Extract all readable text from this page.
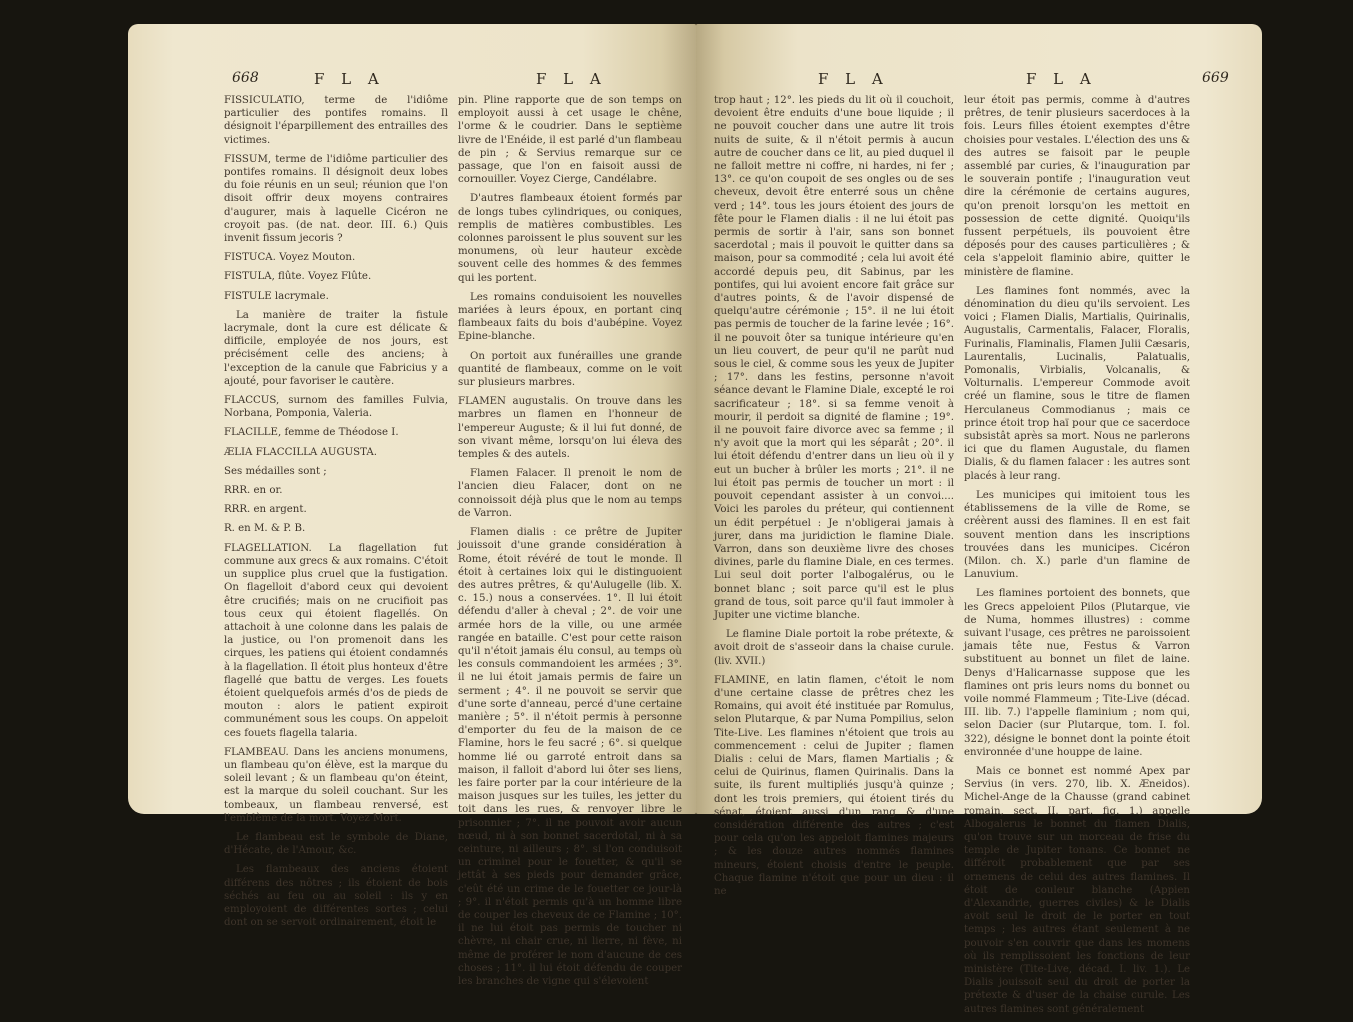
668	F L A	F L A

FISSICULATIO, terme de l'idiôme particulier des pontifes romains. Il désignoit l'éparpillement des entrailles des victimes.

FISSUM, terme de l'idiôme particulier des pontifes romains. Il désignoit deux lobes du foie réunis en un seul; réunion que l'on disoit offrir deux moyens contraires d'augurer, mais à laquelle Cicéron ne croyoit pas. (de nat. deor. III. 6.) Quis invenit fissum jecoris ?

FISTUCA. Voyez Mouton.

FISTULA, flûte. Voyez Flûte.

FISTULE lacrymale.

La manière de traiter la fistule lacrymale, dont la cure est délicate & difficile, employée de nos jours, est précisément celle des anciens; à l'exception de la canule que Fabricius y a ajouté, pour favoriser le cautère.

FLACCUS, surnom des familles Fulvia, Norbana, Pomponia, Valeria.

FLACILLE, femme de Théodose I.

ÆLIA FLACCILLA AUGUSTA.

Ses médailles sont ;

RRR. en or.

RRR. en argent.

R. en M. & P. B.

FLAGELLATION. La flagellation fut commune aux grecs & aux romains. C'étoit un supplice plus cruel que la fustigation. On flagelloit d'abord ceux qui devoient être crucifiés; mais on ne crucifioit pas tous ceux qui étoient flagellés. On attachoit à une colonne dans les palais de la justice, ou l'on promenoit dans les cirques, les patiens qui étoient condamnés à la flagellation. Il étoit plus honteux d'être flagellé que battu de verges. Les fouets étoient quelquefois armés d'os de pieds de mouton : alors le patient expiroit communément sous les coups. On appeloit ces fouets flagella talaria.

FLAMBEAU. Dans les anciens monumens, un flambeau qu'on élève, est la marque du soleil levant ; & un flambeau qu'on éteint, est la marque du soleil couchant. Sur les tombeaux, un flambeau renversé, est l'emblème de la mort. Voyez Mort.

Le flambeau est le symbole de Diane, d'Hécate, de l'Amour, &c.

Les flambeaux des anciens étoient différens des nôtres ; ils étoient de bois séchés au feu ou au soleil : ils y en employoient de différentes sortes ; celui dont on se servoit ordinairement, étoit le

pin. Pline rapporte que de son temps on employoit aussi à cet usage le chêne, l'orme & le coudrier. Dans le septième livre de l'Enéide, il est parlé d'un flambeau de pin ; & Servius remarque sur ce passage, que l'on en faisoit aussi de cornouiller. Voyez Cierge, Candélabre.

D'autres flambeaux étoient formés par de longs tubes cylindriques, ou coniques, remplis de matières combustibles. Les colonnes paroissent le plus souvent sur les monumens, où leur hauteur excède souvent celle des hommes & des femmes qui les portent.

Les romains conduisoient les nouvelles mariées à leurs époux, en portant cinq flambeaux faits du bois d'aubépine. Voyez Epine-blanche.

On portoit aux funérailles une grande quantité de flambeaux, comme on le voit sur plusieurs marbres.

FLAMEN augustalis. On trouve dans les marbres un flamen en l'honneur de l'empereur Auguste; & il lui fut donné, de son vivant même, lorsqu'on lui éleva des temples & des autels.

Flamen Falacer. Il prenoit le nom de l'ancien dieu Falacer, dont on ne connoissoit déjà plus que le nom au temps de Varron.

Flamen dialis : ce prêtre de Jupiter jouissoit d'une grande considération à Rome, étoit révéré de tout le monde. Il étoit à certaines loix qui le distinguoient des autres prêtres, & qu'Aulugelle (lib. X. c. 15.) nous a conservées. 1°. Il lui étoit défendu d'aller à cheval ; 2°. de voir une armée hors de la ville, ou une armée rangée en bataille. C'est pour cette raison qu'il n'étoit jamais élu consul, au temps où les consuls commandoient les armées ; 3°. il ne lui étoit jamais permis de faire un serment ; 4°. il ne pouvoit se servir que d'une sorte d'anneau, percé d'une certaine manière ; 5°. il n'étoit permis à personne d'emporter du feu de la maison de ce Flamine, hors le feu sacré ; 6°. si quelque homme lié ou garroté entroit dans sa maison, il falloit d'abord lui ôter ses liens, les faire porter par la cour intérieure de la maison jusques sur les tuiles, les jetter du toit dans les rues, & renvoyer libre le prisonnier ; 7°. il ne pouvoit avoir aucun nœud, ni à son bonnet sacerdotal, ni à sa ceinture, ni ailleurs ; 8°. si l'on conduisoit un criminel pour le fouetter, & qu'il se jettât à ses pieds pour demander grâce, c'eût été un crime de le fouetter ce jour-là ; 9°. il n'étoit permis qu'à un homme libre de couper les cheveux de ce Flamine ; 10°. il ne lui étoit pas permis de toucher ni chèvre, ni chair crue, ni lierre, ni fève, ni même de proférer le nom d'aucune de ces choses ; 11°. il lui étoit défendu de couper les branches de vigne qui s'élevoient

F L A	F L A	669

trop haut ; 12°. les pieds du lit où il couchoit, devoient être enduits d'une boue liquide ; il ne pouvoit coucher dans une autre lit trois nuits de suite, & il n'étoit permis à aucun autre de coucher dans ce lit, au pied duquel il ne falloit mettre ni coffre, ni hardes, ni fer ; 13°. ce qu'on coupoit de ses ongles ou de ses cheveux, devoit être enterré sous un chêne verd ; 14°. tous les jours étoient des jours de fête pour le Flamen dialis : il ne lui étoit pas permis de sortir à l'air, sans son bonnet sacerdotal ; mais il pouvoit le quitter dans sa maison, pour sa commodité ; cela lui avoit été accordé depuis peu, dit Sabinus, par les pontifes, qui lui avoient encore fait grâce sur d'autres points, & de l'avoir dispensé de quelqu'autre cérémonie ; 15°. il ne lui étoit pas permis de toucher de la farine levée ; 16°. il ne pouvoit ôter sa tunique intérieure qu'en un lieu couvert, de peur qu'il ne parût nud sous le ciel, & comme sous les yeux de Jupiter ; 17°. dans les festins, personne n'avoit séance devant le Flamine Diale, excepté le roi sacrificateur ; 18°. si sa femme venoit à mourir, il perdoit sa dignité de flamine ; 19°. il ne pouvoit faire divorce avec sa femme ; il n'y avoit que la mort qui les séparât ; 20°. il lui étoit défendu d'entrer dans un lieu où il y eut un bucher à brûler les morts ; 21°. il ne lui étoit pas permis de toucher un mort : il pouvoit cependant assister à un convoi.... Voici les paroles du préteur, qui contiennent un édit perpétuel : Je n'obligerai jamais à jurer, dans ma juridiction le flamine Diale. Varron, dans son deuxième livre des choses divines, parle du flamine Diale, en ces termes. Lui seul doit porter l'albogalérus, ou le bonnet blanc ; soit parce qu'il est le plus grand de tous, soit parce qu'il faut immoler à Jupiter une victime blanche.

Le flamine Diale portoit la robe prétexte, & avoit droit de s'asseoir dans la chaise curule. (liv. XVII.)

FLAMINE, en latin flamen, c'étoit le nom d'une certaine classe de prêtres chez les Romains, qui avoit été instituée par Romulus, selon Plutarque, & par Numa Pompilius, selon Tite-Live. Les flamines n'étoient que trois au commencement : celui de Jupiter ; flamen Dialis : celui de Mars, flamen Martialis ; & celui de Quirinus, flamen Quirinalis. Dans la suite, ils furent multipliés jusqu'à quinze ; dont les trois premiers, qui étoient tirés du sénat, étoient aussi d'un rang & d'une considération différente des autres ; c'est pour cela qu'on les appeloit flamines majeurs ; & les douze autres nommés flamines mineurs, étoient choisis d'entre le peuple. Chaque flamine n'étoit que pour un dieu : il ne

leur étoit pas permis, comme à d'autres prêtres, de tenir plusieurs sacerdoces à la fois. Leurs filles étoient exemptes d'être choisies pour vestales. L'élection des uns & des autres se faisoit par le peuple assemblé par curies, & l'inauguration par le souverain pontife ; l'inauguration veut dire la cérémonie de certains augures, qu'on prenoit lorsqu'on les mettoit en possession de cette dignité. Quoiqu'ils fussent perpétuels, ils pouvoient être déposés pour des causes particulières ; & cela s'appeloit flaminio abire, quitter le ministère de flamine.

Les flamines font nommés, avec la dénomination du dieu qu'ils servoient. Les voici ; Flamen Dialis, Martialis, Quirinalis, Augustalis, Carmentalis, Falacer, Floralis, Furinalis, Flaminalis, Flamen Julii Cæsaris, Laurentalis, Lucinalis, Palatualis, Pomonalis, Virbialis, Volcanalis, & Volturnalis. L'empereur Commode avoit créé un flamine, sous le titre de flamen Herculaneus Commodianus ; mais ce prince étoit trop haï pour que ce sacerdoce subsistât après sa mort. Nous ne parlerons ici que du flamen Augustale, du flamen Dialis, & du flamen falacer : les autres sont placés à leur rang.

Les municipes qui imitoient tous les établissemens de la ville de Rome, se créèrent aussi des flamines. Il en est fait souvent mention dans les inscriptions trouvées dans les municipes. Cicéron (Milon. ch. X.) parle d'un flamine de Lanuvium.

Les flamines portoient des bonnets, que les Grecs appeloient Pilos (Plutarque, vie de Numa, hommes illustres) : comme suivant l'usage, ces prêtres ne paroissoient jamais tête nue, Festus & Varron substituent au bonnet un filet de laine. Denys d'Halicarnasse suppose que les flamines ont pris leurs noms du bonnet ou voile nommé Flammeum ; Tite-Live (décad. III. lib. 7.) l'appelle flaminium ; nom qui, selon Dacier (sur Plutarque, tom. I. fol. 322), désigne le bonnet dont la pointe étoit environnée d'une houppe de laine.

Mais ce bonnet est nommé Apex par Servius (in vers. 270, lib. X. Æneidos). Michel-Ange de la Chausse (grand cabinet romain, sect. II. part. fig. 1.) appelle Albogalerus le bonnet du flamen Dialis, qu'on trouve sur un morceau de frise du temple de Jupiter tonans. Ce bonnet ne différoit probablement que par ses ornemens de celui des autres flamines. Il étoit de couleur blanche (Appien d'Alexandrie, guerres civiles) & le Dialis avoit seul le droit de le porter en tout temps ; les autres étant seulement à ne pouvoir s'en couvrir que dans les momens où ils remplissoient les fonctions de leur ministère (Tite-Live, décad. I. liv. 1.). Le Dialis jouissoit seul du droit de porter la prétexte & d'user de la chaise curule. Les autres flamines sont généralement
